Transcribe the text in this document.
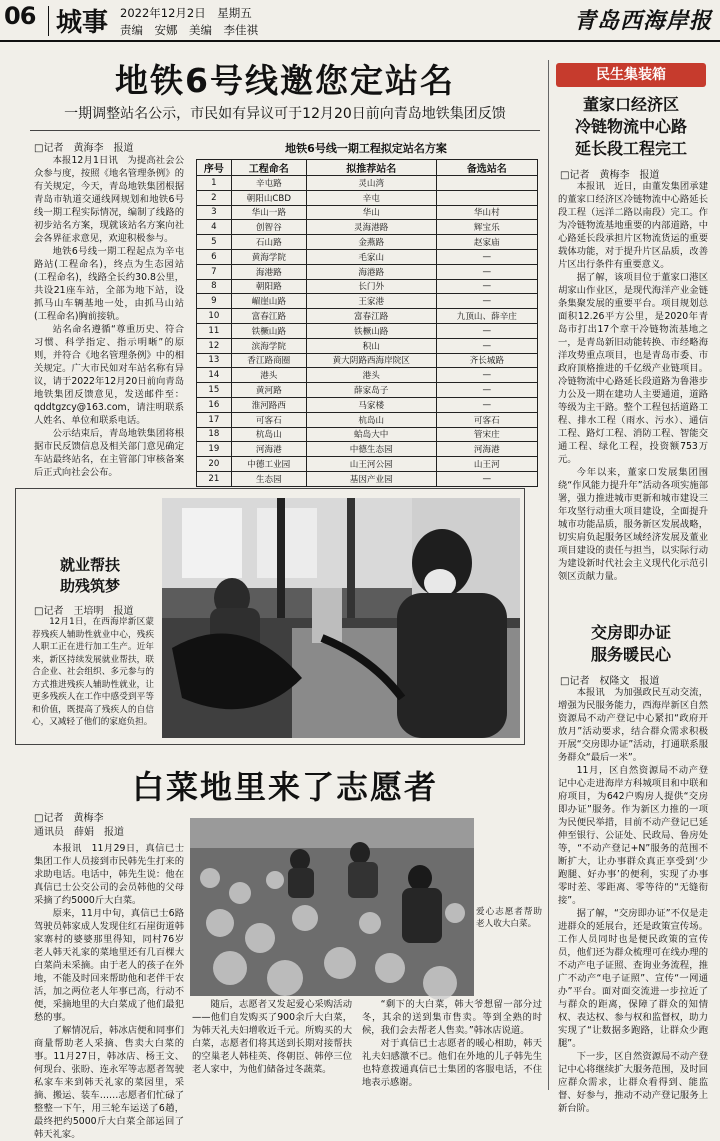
06 城事 2022年12月2日　星期五
责编　安娜　美编　李佳祺	青岛西海岸报
地铁6号线邀您定站名
一期调整站名公示，市民如有异议可于12月20日前向青岛地铁集团反馈
□记者　黄海李　报道

本报12月1日讯　为提高社会公众参与度，按照《地名管理条例》的有关规定，今天，青岛地铁集团根据青岛市轨道交通线网规划和地铁6号线一期工程实际情况，编制了线路的初步站名方案，现就该站名方案向社会各界征求意见，欢迎积极参与。

地铁6号线一期工程起点为辛屯路站(工程命名)，终点为生态园站(工程命名)，线路全长约30.8公里，共设21座车站，全部为地下站，设抓马山车辆基地一处，由抓马山站(工程命名)胸前接轨。

站名命名遵循“尊重历史、符合习惯、科学指定、指示明晰”的原则，并符合《地名管理条例》中的相关规定。广大市民如对车站名称有异议，请于2022年12月20日前向青岛地铁集团反馈意见，发送邮件至：qddtgzcy@163.com，请注明联系人姓名、单位和联系电话。

公示结束后，青岛地铁集团将根据市民反馈信息及相关部门意见确定车站最终站名，在主管部门审核备案后正式向社会公布。

地铁6号线一期工程拟定站名方案
序号	工程命名	拟推荐站名	备选站名
1	辛屯路	灵山湾	
2	朝阳山CBD	辛屯	
3	华山一路	华山	华山村
4	创智谷	灵海港路	辉宝乐
5	石山路	金燕路	赵家庙
6	黄海学院	毛家山	—
7	海港路	海港路	—
8	朝阳路	长门外	—
9	嵋崖山路	王家港	—
10	富春江路	富春江路	九顶山、薛辛庄
11	铁橛山路	铁橛山路	—
12	滨海学院	积山	—
13	香江路商圈	黄大阴路西海岸院区	齐长城路
14	港头	港头	—
15	黄河路	薛家岛子	—
16	淮河路西	马家楼	—
17	可客石	杭岛山	可客石
18	杭岛山	蛤岛大中	管宋庄
19	河海港	中德生态园	河海港
20	中德工业园	山王河公园	山王河
21	生态园	基因产业园	—
民生集装箱
董家口经济区
冷链物流中心路
延长段工程完工
□记者　黄梅李　报道

本报讯　近日，由董发集团承建的董家口经济区冷链物流中心路延长段工程（远洋二路以南段）完工。作为冷链物流基地重要的内部道路，中心路延长段承担片区物流货运的重要载体功能，对于提升片区品质，改善片区出行条件有重要意义。

据了解，该项目位于董家口港区胡家山作业区，是现代海洋产业金链条集聚发展的重要平台。项目规划总面积12.26平方公里，是2020年青岛市打出17个章干冷链物流基地之一，是青岛新旧动能转换、市经略海洋攻势重点项目，也是青岛市委、市政府顶格推进的千亿级产业链项目。冷链物流中心路延长段道路为鲁港步力公及一期在建功人主要通道，道路等级为主干路。整个工程包括道路工程、排水工程（雨水、污水）、通信工程、路灯工程、消防工程、智能交通工程、绿化工程，投资额753万元。

今年以来，董家口发展集团围绕“作风能力提升年”活动各项实施部署，强力推进城市更新和城市建设三年攻坚行动重大项目建设，全面提升城市功能品质，服务新区发展战略，切实肩负起服务区域经济发展及董业项目建设的责任与担当，以实际行动为建设新时代社会主义现代化示范引领区贡献力量。

交房即办证
服务暖民心
□记者　权隆文　报道

本报讯　为加强政民互动交流，增强为民服务能力，西海岸新区自然资源局不动产登记中心紧扣“政府开放月”活动要求，结合群众需求积极开展“交房即办证”活动，打通联系服务群众“最后一米”。

11月，区自然资源局不动产登记中心走进海岸方科城项目和中联和府项目，为642户购房人提供“交房即办证”服务。作为新区力推的一项为民便民举措，目前不动产登记已延伸至银行、公证处、民政局、鲁房处等，“不动产登记+N”服务的范围不断扩大，让办事群众真正享受到‘少跑腿、好办事’的便利，实现了办事零时差、零距离、零等待的“无缝衔接”。

据了解，“交房即办证”不仅是走进群众的延展台，还是政策宣传场。工作人员同时也是便民政策的宣传员，他们还为群众梳理可在线办理的不动产电子证照、查询业务流程，推广不动产“电子证照”、宣传“一网通办”平台。面对面交流进一步拉近了与群众的距离，保障了群众的知情权、表达权、参与权和监督权，助力实现了“让数据多跑路，让群众少跑腿”。

下一步，区自然资源局不动产登记中心将继续扩大服务范围，及时回应群众需求，让群众看得到、能监督、好参与，推动不动产登记服务上新台阶。

就业帮扶
助残筑梦
□记者　王培明　报道

12月1日，在西海岸新区蒙荐残疾人辅助性就业中心，残疾人职工正在进行加工生产。近年来，新区持续发展就业帮扶，联合企业、社会组织、多元参与的方式推进残疾人辅助性就业，让更多残疾人在工作中感受到平等和价值，既提高了残疾人的自信心，又减轻了他们的家庭负担。

白菜地里来了志愿者
□记者　黄梅李
通讯员　薛娟　报道

本报讯　11月29日，真信已士集团工作人员接到市民韩先生打来的求助电话。电话中，韩先生说：他在真信已士公交公司的会员韩他的父母采摘了约5000斤大白菜。

原来，11月中旬，真信已士6路驾驶员韩家成人发现住红石崖街道韩家寨村的婆婆那里得知，同村76岁老人韩天礼家的菜地里还有几百棵大白菜尚未采摘。由于老人的孩子在外地，不能及时回来帮助他和老伴干农活，加之两位老人年事已高，行动不便，采摘地里的大白菜成了他们最犯愁的事。

了解情况后，韩冰店便和同事们商量帮助老人采摘、售卖大白菜的事。11月27日，韩冰店、杨王文、何现台、张盼、连永军等志愿者驾驶私家车来到韩天礼家的菜园里，采摘、搬运、装车……志愿者们忙碌了整整一下午，用三轮车运送了6趟，最终把约5000斤大白菜全部运回了韩天礼家。

爱心志愿者帮助老人收大白菜。

随后，志愿者又发起爱心采购活动——他们自发购买了900余斤大白菜，为韩天礼夫妇增收近千元。所购买的大白菜，志愿者们将其送到长期对接帮扶的空巢老人韩桂英、佟朝臣、韩停三位老人家中，为他们储备过冬蔬菜。

“剩下的大白菜，韩大爷想留一部分过冬，其余的送到集市售卖。等到全熟的时候，我们会去帮老人售卖。”韩冰店说道。

对于真信已士志愿者的暖心相助，韩天礼夫妇感激不已。他们在外地的儿子韩先生也特意拨通真信已士集团的客服电话，不住地表示感谢。
